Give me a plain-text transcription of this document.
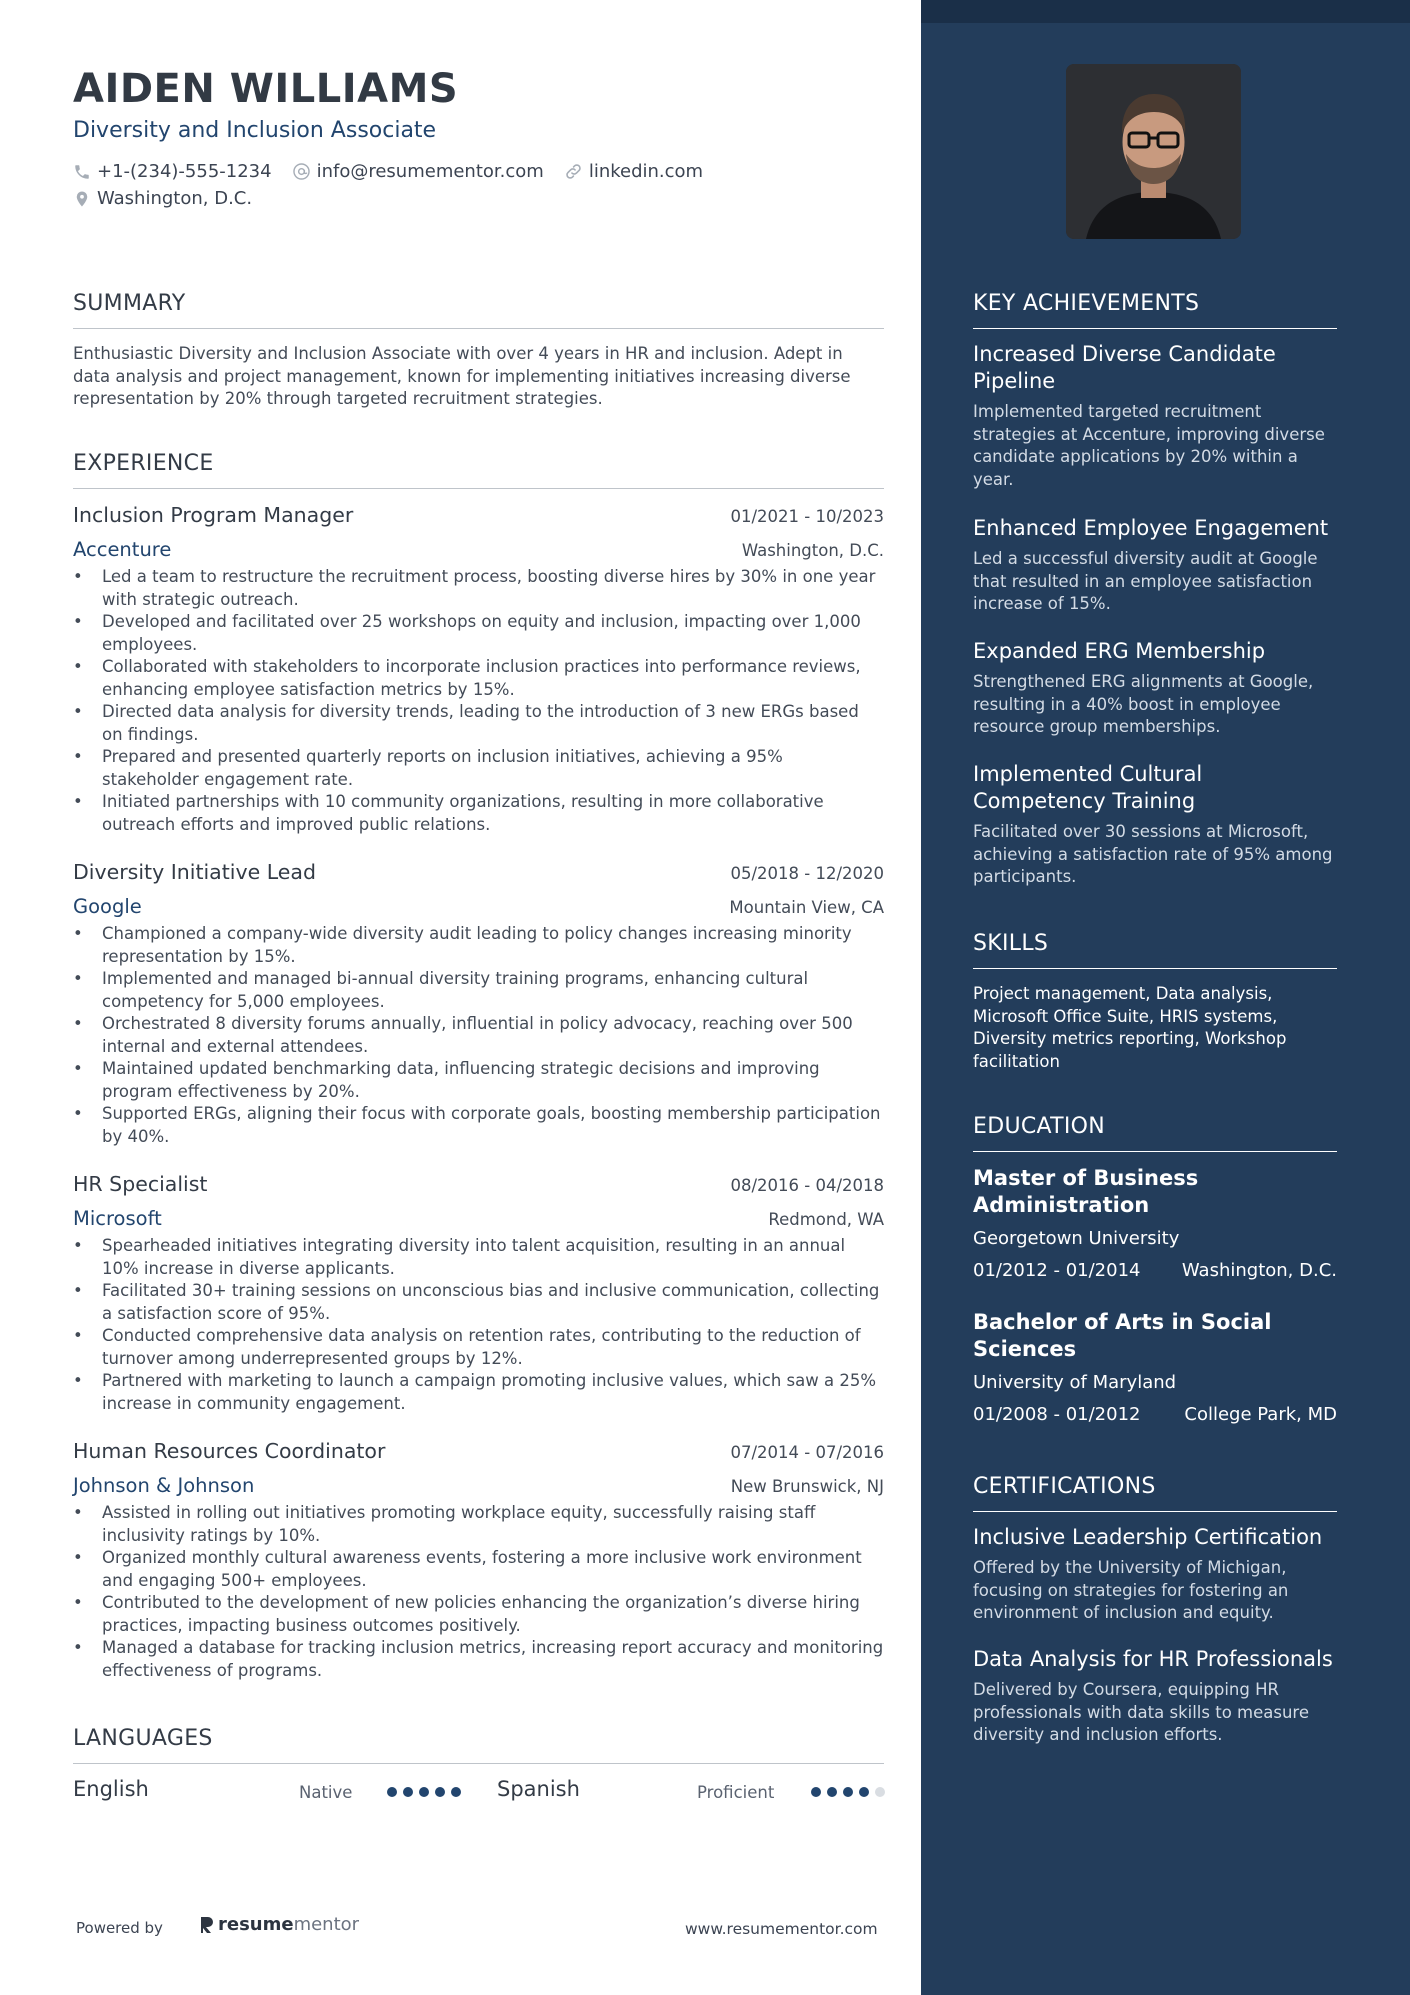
AIDEN WILLIAMS
Diversity and Inclusion Associate
+1-(234)-555-1234	info@resumementor.com	linkedin.com
Washington, D.C.
SUMMARY
Enthusiastic Diversity and Inclusion Associate with over 4 years in HR and inclusion. Adept in data analysis and project management, known for implementing initiatives increasing diverse representation by 20% through targeted recruitment strategies.
EXPERIENCE
Inclusion Program Manager	01/2021 - 10/2023
Accenture	Washington, D.C.
• Led a team to restructure the recruitment process, boosting diverse hires by 30% in one year with strategic outreach.
• Developed and facilitated over 25 workshops on equity and inclusion, impacting over 1,000 employees.
• Collaborated with stakeholders to incorporate inclusion practices into performance reviews, enhancing employee satisfaction metrics by 15%.
• Directed data analysis for diversity trends, leading to the introduction of 3 new ERGs based on findings.
• Prepared and presented quarterly reports on inclusion initiatives, achieving a 95% stakeholder engagement rate.
• Initiated partnerships with 10 community organizations, resulting in more collaborative outreach efforts and improved public relations.
Diversity Initiative Lead	05/2018 - 12/2020
Google	Mountain View, CA
• Championed a company-wide diversity audit leading to policy changes increasing minority representation by 15%.
• Implemented and managed bi-annual diversity training programs, enhancing cultural competency for 5,000 employees.
• Orchestrated 8 diversity forums annually, influential in policy advocacy, reaching over 500 internal and external attendees.
• Maintained updated benchmarking data, influencing strategic decisions and improving program effectiveness by 20%.
• Supported ERGs, aligning their focus with corporate goals, boosting membership participation by 40%.
HR Specialist	08/2016 - 04/2018
Microsoft	Redmond, WA
• Spearheaded initiatives integrating diversity into talent acquisition, resulting in an annual 10% increase in diverse applicants.
• Facilitated 30+ training sessions on unconscious bias and inclusive communication, collecting a satisfaction score of 95%.
• Conducted comprehensive data analysis on retention rates, contributing to the reduction of turnover among underrepresented groups by 12%.
• Partnered with marketing to launch a campaign promoting inclusive values, which saw a 25% increase in community engagement.
Human Resources Coordinator	07/2014 - 07/2016
Johnson & Johnson	New Brunswick, NJ
• Assisted in rolling out initiatives promoting workplace equity, successfully raising staff inclusivity ratings by 10%.
• Organized monthly cultural awareness events, fostering a more inclusive work environment and engaging 500+ employees.
• Contributed to the development of new policies enhancing the organization’s diverse hiring practices, impacting business outcomes positively.
• Managed a database for tracking inclusion metrics, increasing report accuracy and monitoring effectiveness of programs.
LANGUAGES
English	Native	Spanish	Proficient
Powered by	resume mentor	www.resumementor.com
KEY ACHIEVEMENTS
Increased Diverse Candidate Pipeline
Implemented targeted recruitment strategies at Accenture, improving diverse candidate applications by 20% within a year.
Enhanced Employee Engagement
Led a successful diversity audit at Google that resulted in an employee satisfaction increase of 15%.
Expanded ERG Membership
Strengthened ERG alignments at Google, resulting in a 40% boost in employee resource group memberships.
Implemented Cultural Competency Training
Facilitated over 30 sessions at Microsoft, achieving a satisfaction rate of 95% among participants.
SKILLS
Project management, Data analysis, Microsoft Office Suite, HRIS systems, Diversity metrics reporting, Workshop facilitation
EDUCATION
Master of Business Administration
Georgetown University
01/2012 - 01/2014 Washington, D.C.
Bachelor of Arts in Social Sciences
University of Maryland
01/2008 - 01/2012 College Park, MD
CERTIFICATIONS
Inclusive Leadership Certification
Offered by the University of Michigan, focusing on strategies for fostering an environment of inclusion and equity.
Data Analysis for HR Professionals
Delivered by Coursera, equipping HR professionals with data skills to measure diversity and inclusion efforts.
